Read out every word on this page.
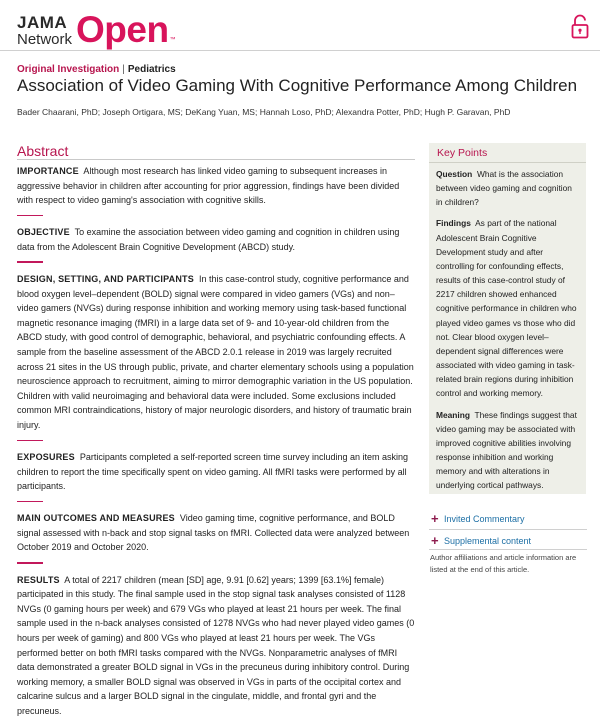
JAMA
Network Open ™
Original Investigation | Pediatrics
Association of Video Gaming With Cognitive Performance Among Children
Bader Chaarani, PhD; Joseph Ortigara, MS; DeKang Yuan, MS; Hannah Loso, PhD; Alexandra Potter, PhD; Hugh P. Garavan, PhD
Abstract

IMPORTANCE Although most research has linked video gaming to subsequent increases in aggressive behavior in children after accounting for prior aggression, findings have been divided with respect to video gaming's association with cognitive skills.

OBJECTIVE To examine the association between video gaming and cognition in children using data from the Adolescent Brain Cognitive Development (ABCD) study.

DESIGN, SETTING, AND PARTICIPANTS In this case-control study, cognitive performance and blood oxygen level–dependent (BOLD) signal were compared in video gamers (VGs) and non–video gamers (NVGs) during response inhibition and working memory using task-based functional magnetic resonance imaging (fMRI) in a large data set of 9- and 10-year-old children from the ABCD study, with good control of demographic, behavioral, and psychiatric confounding effects. A sample from the baseline assessment of the ABCD 2.0.1 release in 2019 was largely recruited across 21 sites in the US through public, private, and charter elementary schools using a population neuroscience approach to recruitment, aiming to mirror demographic variation in the US population. Children with valid neuroimaging and behavioral data were included. Some exclusions included common MRI contraindications, history of major neurologic disorders, and history of traumatic brain injury.

EXPOSURES Participants completed a self-reported screen time survey including an item asking children to report the time specifically spent on video gaming. All fMRI tasks were performed by all participants.

MAIN OUTCOMES AND MEASURES Video gaming time, cognitive performance, and BOLD signal assessed with n-back and stop signal tasks on fMRI. Collected data were analyzed between October 2019 and October 2020.

RESULTS A total of 2217 children (mean [SD] age, 9.91 [0.62] years; 1399 [63.1%] female) participated in this study. The final sample used in the stop signal task analyses consisted of 1128 NVGs (0 gaming hours per week) and 679 VGs who played at least 21 hours per week. The final sample used in the n-back analyses consisted of 1278 NVGs who had never played video games (0 hours per week of gaming) and 800 VGs who played at least 21 hours per week. The VGs performed better on both fMRI tasks compared with the NVGs. Nonparametric analyses of fMRI data demonstrated a greater BOLD signal in VGs in the precuneus during inhibitory control. During working memory, a smaller BOLD signal was observed in VGs in parts of the occipital cortex and calcarine sulcus and a larger BOLD signal in the cingulate, middle, and frontal gyri and the precuneus.

Key Points

Question What is the association between video gaming and cognition in children?

Findings As part of the national Adolescent Brain Cognitive Development study and after controlling for confounding effects, results of this case-control study of 2217 children showed enhanced cognitive performance in children who played video games vs those who did not. Clear blood oxygen level–dependent signal differences were associated with video gaming in task-related brain regions during inhibition control and working memory.

Meaning These findings suggest that video gaming may be associated with improved cognitive abilities involving response inhibition and working memory and with alterations in underlying cortical pathways.

+ Invited Commentary
+ Supplemental content
Author affiliations and article information are listed at the end of this article.
